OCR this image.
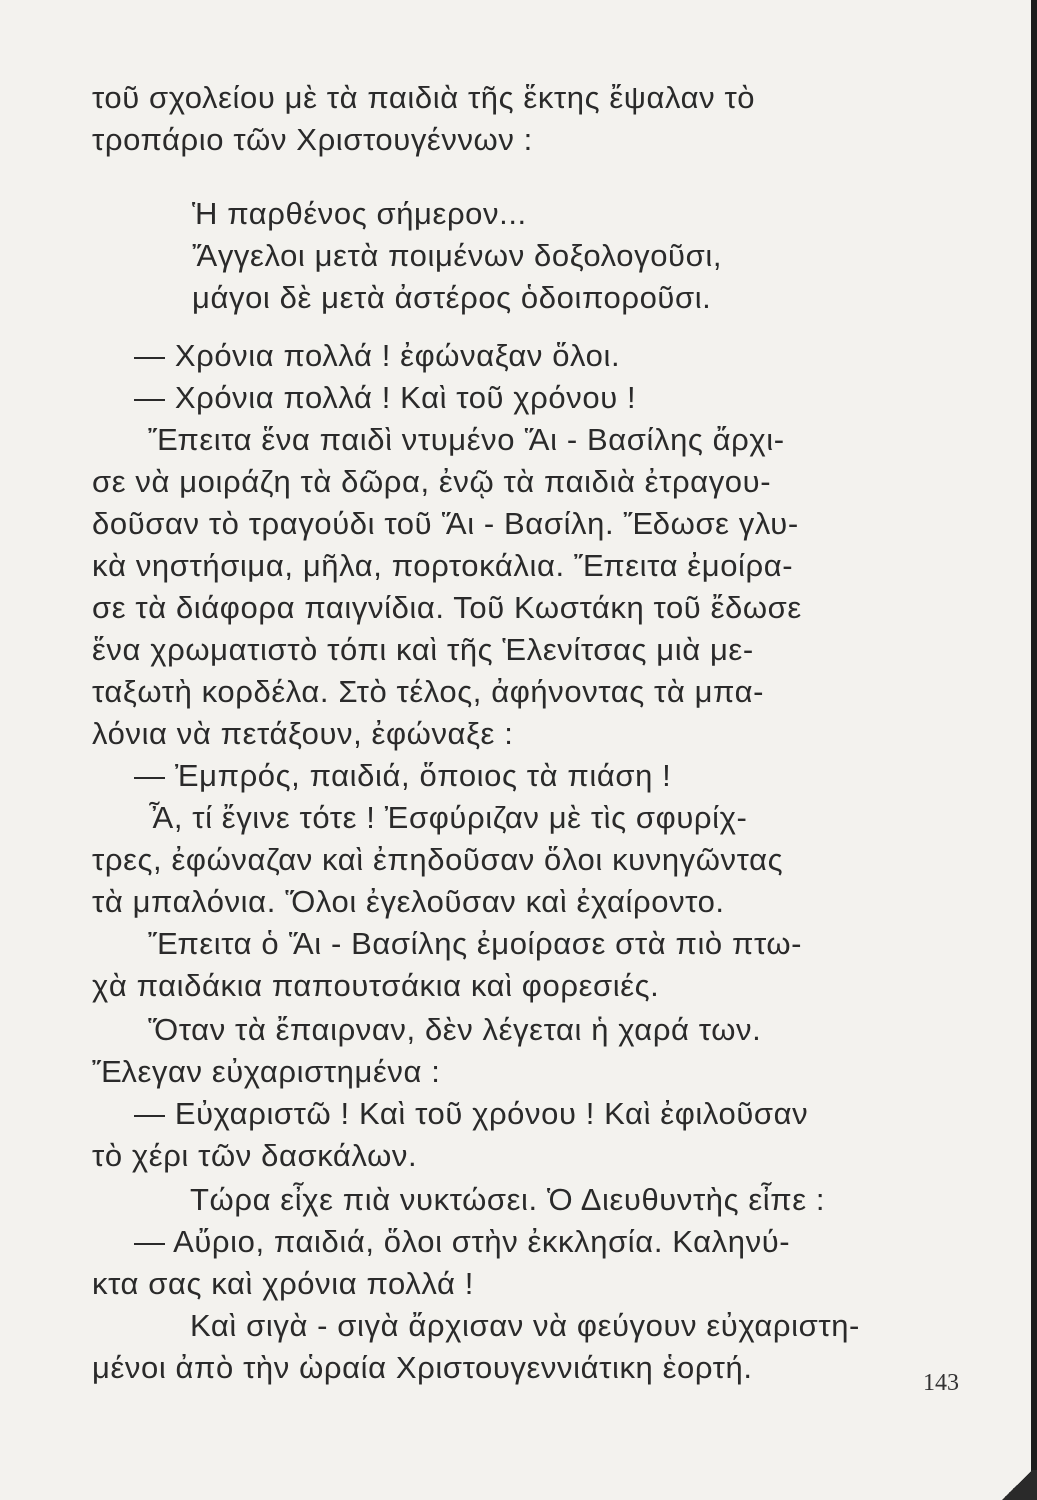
τοῦ σχολείου μὲ τὰ παιδιὰ τῆς ἕκτης ἔψαλαν τὸ
τροπάριο τῶν Χριστουγέννων :
Ἡ παρθένος σήμερον...
Ἄγγελοι μετὰ ποιμένων δοξολογοῦσι,
μάγοι δὲ μετὰ ἀστέρος ὁδοιποροῦσι.
— Χρόνια πολλά ! ἐφώναξαν ὅλοι.
— Χρόνια πολλά ! Καὶ τοῦ χρόνου !
Ἔπειτα ἕνα παιδὶ ντυμένο Ἅι - Βασίλης ἄρχι-
σε νὰ μοιράζη τὰ δῶρα, ἐνῷ τὰ παιδιὰ ἐτραγου-
δοῦσαν τὸ τραγούδι τοῦ Ἅι - Βασίλη. Ἔδωσε γλυ-
κὰ νηστήσιμα, μῆλα, πορτοκάλια. Ἔπειτα ἐμοίρα-
σε τὰ διάφορα παιγνίδια. Τοῦ Κωστάκη τοῦ ἔδωσε
ἕνα χρωματιστὸ τόπι καὶ τῆς Ἑλενίτσας μιὰ με-
ταξωτὴ κορδέλα. Στὸ τέλος, ἀφήνοντας τὰ μπα-
λόνια νὰ πετάξουν, ἐφώναξε :
— Ἐμπρός, παιδιά, ὅποιος τὰ πιάση !
Ἆ, τί ἔγινε τότε ! Ἐσφύριζαν μὲ τὶς σφυρίχ-
τρες, ἐφώναζαν καὶ ἐπηδοῦσαν ὅλοι κυνηγῶντας
τὰ μπαλόνια. Ὅλοι ἐγελοῦσαν καὶ ἐχαίροντο.
Ἔπειτα ὁ Ἅι - Βασίλης ἐμοίρασε στὰ πιὸ πτω-
χὰ παιδάκια παπουτσάκια καὶ φορεσιές.
Ὅταν τὰ ἔπαιρναν, δὲν λέγεται ἡ χαρά των.
Ἔλεγαν εὐχαριστημένα :
— Εὐχαριστῶ ! Καὶ τοῦ χρόνου ! Καὶ ἐφιλοῦσαν
τὸ χέρι τῶν δασκάλων.
Τώρα εἶχε πιὰ νυκτώσει. Ὁ Διευθυντὴς εἶπε :
— Αὔριο, παιδιά, ὅλοι στὴν ἐκκλησία. Καληνύ-
κτα σας καὶ χρόνια πολλά !
Καὶ σιγὰ - σιγὰ ἄρχισαν νὰ φεύγουν εὐχαριστη-
μένοι ἀπὸ τὴν ὡραία Χριστουγεννιάτικη ἑορτή.	143
